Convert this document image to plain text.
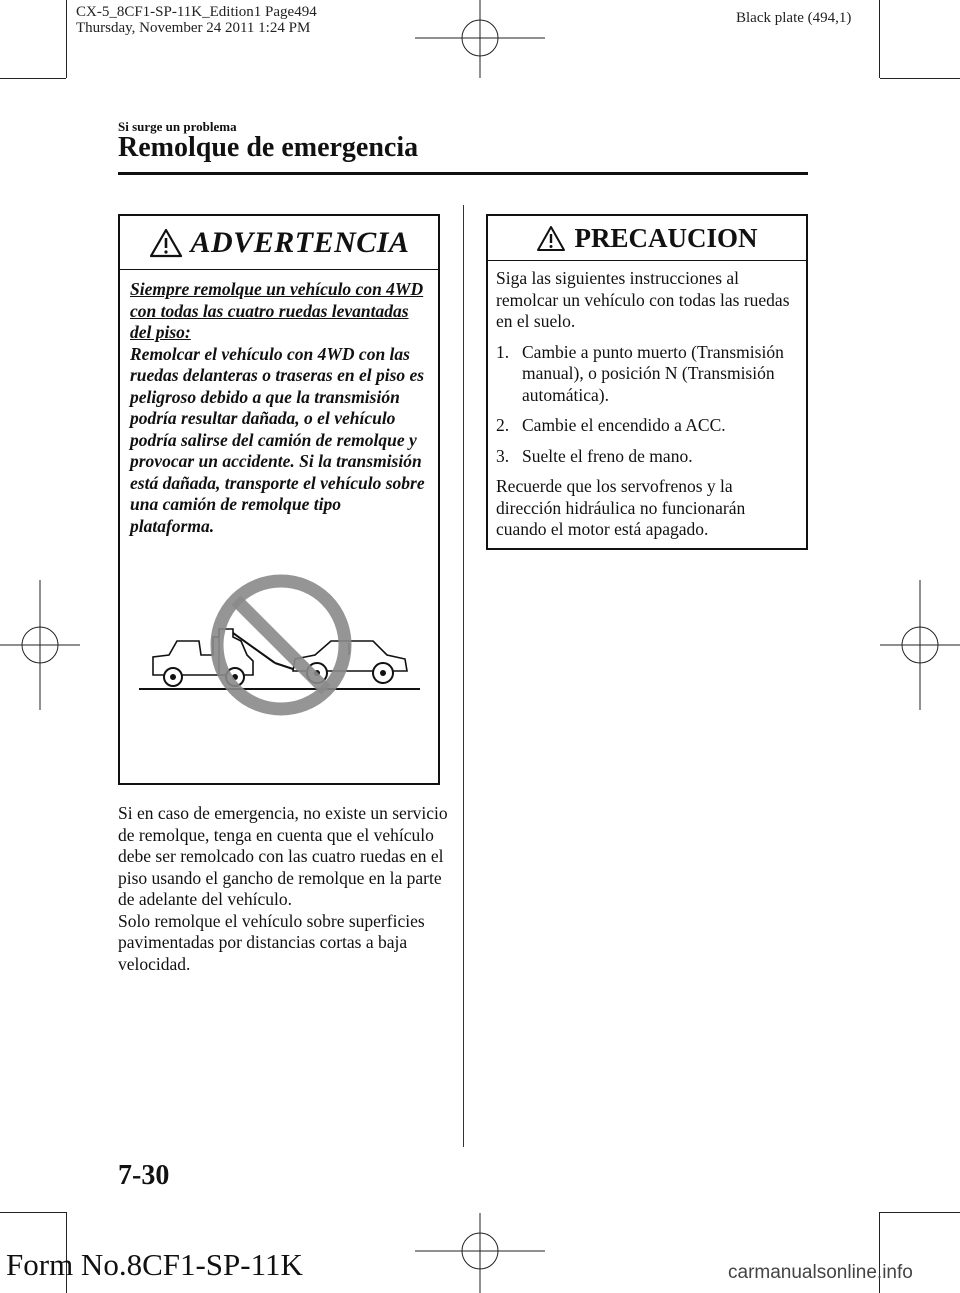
CX-5_8CF1-SP-11K_Edition1 Page494
Thursday, November 24 2011 1:24 PM
Black plate (494,1)
Si surge un problema
Remolque de emergencia
ADVERTENCIA
Siempre remolque un vehículo con 4WD con todas las cuatro ruedas levantadas del piso:
Remolcar el vehículo con 4WD con las ruedas delanteras o traseras en el piso es peligroso debido a que la transmisión podría resultar dañada, o el vehículo podría salirse del camión de remolque y provocar un accidente. Si la transmisión está dañada, transporte el vehículo sobre una camión de remolque tipo plataforma.
Si en caso de emergencia, no existe un servicio de remolque, tenga en cuenta que el vehículo debe ser remolcado con las cuatro ruedas en el piso usando el gancho de remolque en la parte de adelante del vehículo.
Solo remolque el vehículo sobre superficies pavimentadas por distancias cortas a baja velocidad.
PRECAUCION
Siga las siguientes instrucciones al remolcar un vehículo con todas las ruedas en el suelo.
1. Cambie a punto muerto (Transmisión manual), o posición N (Transmisión automática).
2. Cambie el encendido a ACC.
3. Suelte el freno de mano.
Recuerde que los servofrenos y la dirección hidráulica no funcionarán cuando el motor está apagado.
7-30
Form No.8CF1-SP-11K	carmanualsonline.info
